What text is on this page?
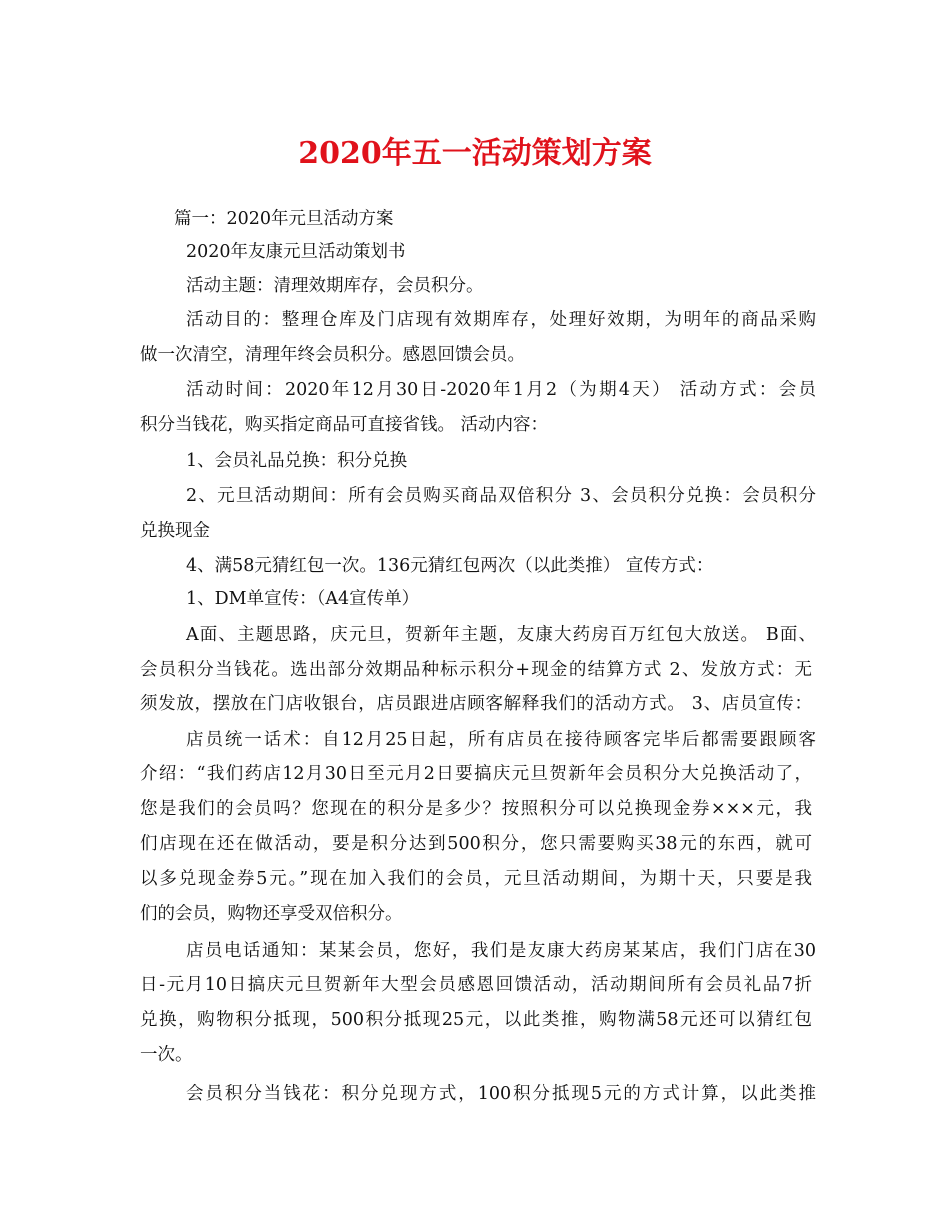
2020年五一活动策划方案
篇一：2020年元旦活动方案
2020年友康元旦活动策划书
活动主题：清理效期库存，会员积分。
活动目的：整理仓库及门店现有效期库存，处理好效期，为明年的商品采购
做一次清空，清理年终会员积分。感恩回馈会员。
活动时间：2020年12月30日-2020年1月2（为期4天） 活动方式：会员
积分当钱花，购买指定商品可直接省钱。 活动内容：
1、会员礼品兑换：积分兑换
2、元旦活动期间：所有会员购买商品双倍积分 3、会员积分兑换：会员积分
兑换现金
4、满58元猜红包一次。136元猜红包两次（以此类推） 宣传方式：
1、DM单宣传：（A4宣传单）
A面、主题思路，庆元旦，贺新年主题，友康大药房百万红包大放送。 B面、
会员积分当钱花。选出部分效期品种标示积分+现金的结算方式 2、发放方式：无
须发放，摆放在门店收银台，店员跟进店顾客解释我们的活动方式。 3、店员宣传：
店员统一话术：自12月25日起，所有店员在接待顾客完毕后都需要跟顾客
介绍：“我们药店12月30日至元月2日要搞庆元旦贺新年会员积分大兑换活动了，
您是我们的会员吗？您现在的积分是多少？按照积分可以兑换现金券×××元，我
们店现在还在做活动，要是积分达到500积分，您只需要购买38元的东西，就可
以多兑现金券5元。”现在加入我们的会员，元旦活动期间，为期十天，只要是我
们的会员，购物还享受双倍积分。
店员电话通知：某某会员，您好，我们是友康大药房某某店，我们门店在30
日-元月10日搞庆元旦贺新年大型会员感恩回馈活动，活动期间所有会员礼品7折
兑换，购物积分抵现，500积分抵现25元，以此类推，购物满58元还可以猜红包
一次。
会员积分当钱花：积分兑现方式，100积分抵现5元的方式计算，以此类推
